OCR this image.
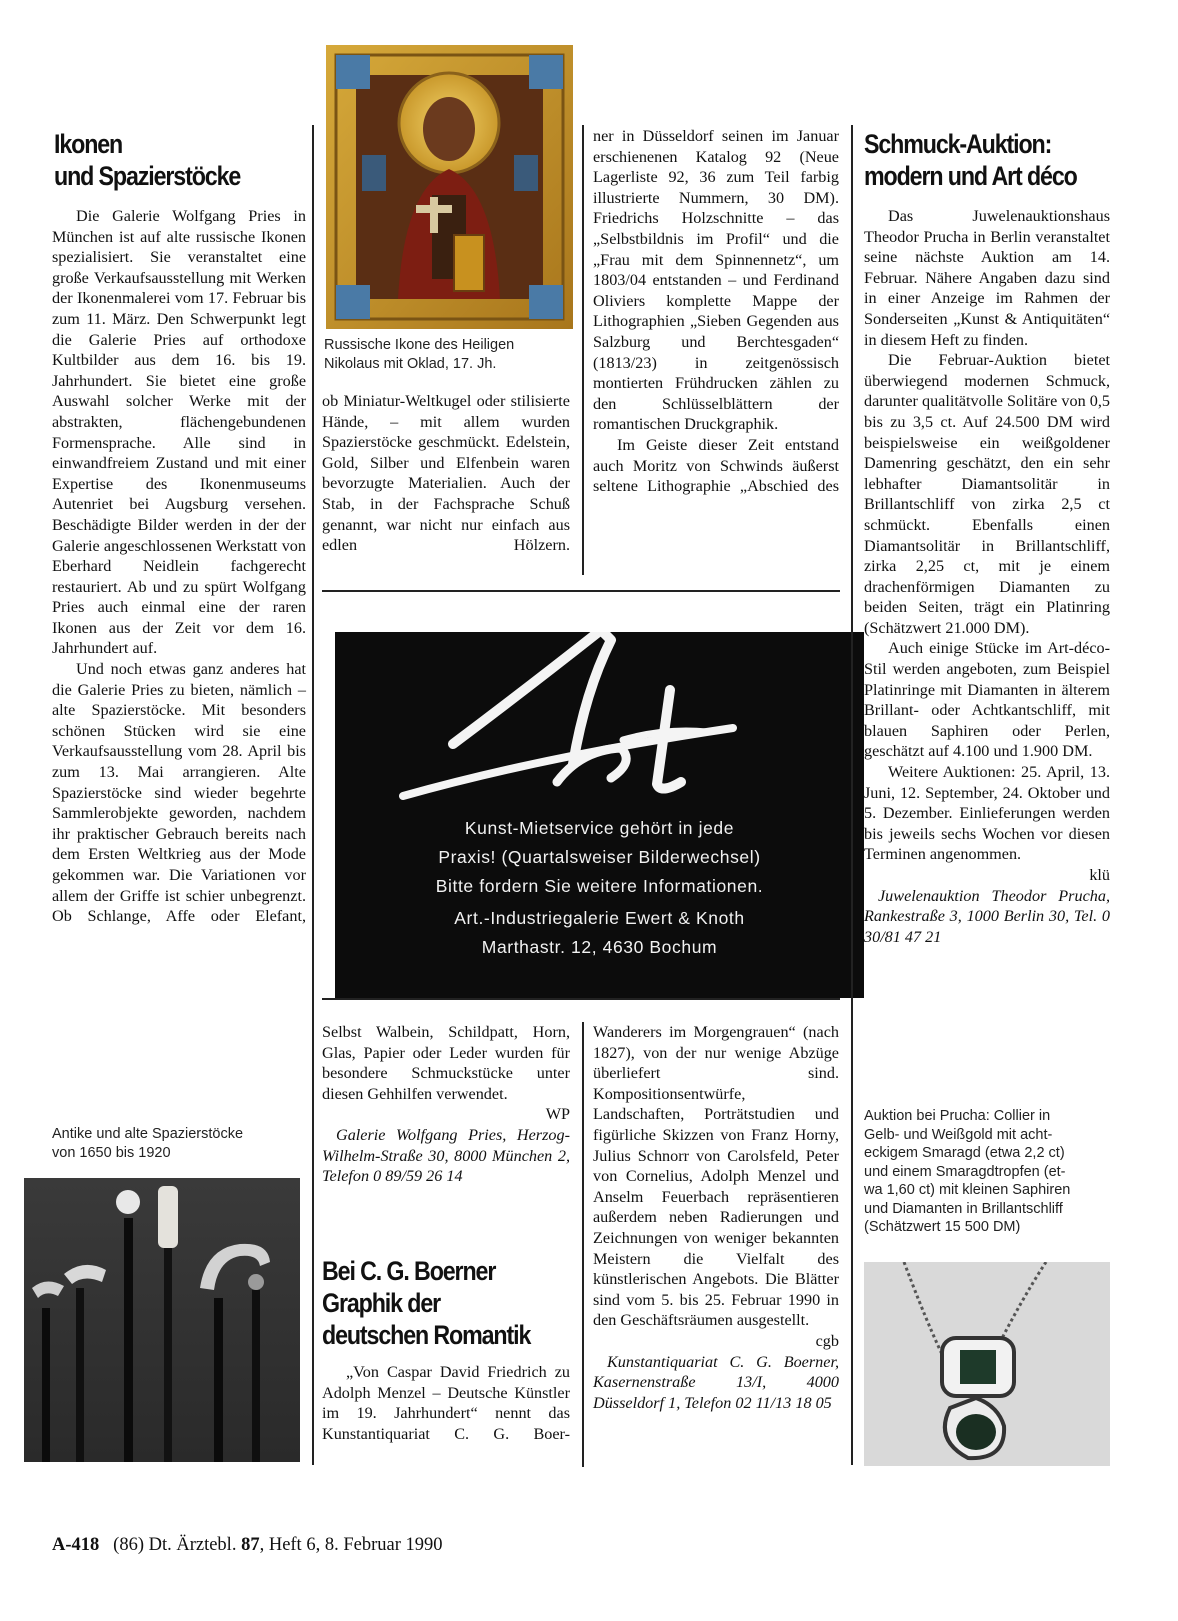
Ikonen
und Spazierstöcke

Die Galerie Wolfgang Pries in München ist auf alte russische Ikonen spezialisiert. Sie veranstaltet eine große Verkaufsausstellung mit Werken der Ikonenmalerei vom 17. Februar bis zum 11. März. Den Schwerpunkt legt die Galerie Pries auf orthodoxe Kultbilder aus dem 16. bis 19. Jahrhundert. Sie bietet eine große Auswahl solcher Werke mit der abstrakten, flächengebundenen Formensprache. Alle sind in einwandfreiem Zustand und mit einer Expertise des Ikonenmuseums Autenriet bei Augsburg versehen. Beschädigte Bilder werden in der der Galerie angeschlossenen Werkstatt von Eberhard Neidlein fachgerecht restauriert. Ab und zu spürt Wolfgang Pries auch einmal eine der raren Ikonen aus der Zeit vor dem 16. Jahrhundert auf.

Und noch etwas ganz anderes hat die Galerie Pries zu bieten, nämlich – alte Spazierstöcke. Mit besonders schönen Stücken wird sie eine Verkaufsausstellung vom 28. April bis zum 13. Mai arrangieren. Alte Spazierstöcke sind wieder begehrte Sammlerobjekte geworden, nachdem ihr praktischer Gebrauch bereits nach dem Ersten Weltkrieg aus der Mode gekommen war. Die Variationen vor allem der Griffe ist schier unbegrenzt. Ob Schlange, Affe oder Elefant,

Antike und alte Spazierstöcke
von 1650 bis 1920
Russische Ikone des Heiligen
Nikolaus mit Oklad, 17. Jh.

ob Miniatur-Weltkugel oder stilisierte Hände, – mit allem wurden Spazierstöcke geschmückt. Edelstein, Gold, Silber und Elfenbein waren bevorzugte Materialien. Auch der Stab, in der Fachsprache Schuß genannt, war nicht nur einfach aus edlen Hölzern.

ner in Düsseldorf seinen im Januar erschienenen Katalog 92 (Neue Lagerliste 92, 36 zum Teil farbig illustrierte Nummern, 30 DM). Friedrichs Holzschnitte – das „Selbstbildnis im Profil“ und die „Frau mit dem Spinnennetz“, um 1803/04 entstanden – und Ferdinand Oliviers komplette Mappe der Lithographien „Sieben Gegenden aus Salzburg und Berchtesgaden“ (1813/23) in zeitgenössisch montierten Frühdrucken zählen zu den Schlüsselblättern der romantischen Druckgraphik.

Im Geiste dieser Zeit entstand auch Moritz von Schwinds äußerst seltene Lithographie „Abschied des

Kunst-Mietservice gehört in jede
Praxis! (Quartalsweiser Bilderwechsel)
Bitte fordern Sie weitere Informationen.
Art.-Industriegalerie Ewert & Knoth
Marthastr. 12, 4630 Bochum

Selbst Walbein, Schildpatt, Horn, Glas, Papier oder Leder wurden für besondere Schmuckstücke unter diesen Gehhilfen verwendet.

WP

Galerie Wolfgang Pries, Herzog-Wilhelm-Straße 30, 8000 München 2, Telefon 0 89/59 26 14

Bei C. G. Boerner
Graphik der
deutschen Romantik

„Von Caspar David Friedrich zu Adolph Menzel – Deutsche Künstler im 19. Jahrhundert“ nennt das Kunstantiquariat C. G. Boer-

Wanderers im Morgengrauen“ (nach 1827), von der nur wenige Abzüge überliefert sind. Kompositionsentwürfe, Landschaften, Porträtstudien und figürliche Skizzen von Franz Horny, Julius Schnorr von Carolsfeld, Peter von Cornelius, Adolph Menzel und Anselm Feuerbach repräsentieren außerdem neben Radierungen und Zeichnungen von weniger bekannten Meistern die Vielfalt des künstlerischen Angebots. Die Blätter sind vom 5. bis 25. Februar 1990 in den Geschäftsräumen ausgestellt.

cgb

Kunstantiquariat C. G. Boerner, Kasernenstraße 13/I, 4000 Düsseldorf 1, Telefon 02 11/13 18 05

Schmuck-Auktion:
modern und Art déco

Das Juwelenauktionshaus Theodor Prucha in Berlin veranstaltet seine nächste Auktion am 14. Februar. Nähere Angaben dazu sind in einer Anzeige im Rahmen der Sonderseiten „Kunst & Antiquitäten“ in diesem Heft zu finden.

Die Februar-Auktion bietet überwiegend modernen Schmuck, darunter qualitätvolle Solitäre von 0,5 bis zu 3,5 ct. Auf 24.500 DM wird beispielsweise ein weißgoldener Damenring geschätzt, den ein sehr lebhafter Diamantsolitär in Brillantschliff von zirka 2,5 ct schmückt. Ebenfalls einen Diamantsolitär in Brillantschliff, zirka 2,25 ct, mit je einem drachenförmigen Diamanten zu beiden Seiten, trägt ein Platinring (Schätzwert 21.000 DM).

Auch einige Stücke im Art-déco-Stil werden angeboten, zum Beispiel Platinringe mit Diamanten in älterem Brillant- oder Achtkantschliff, mit blauen Saphiren oder Perlen, geschätzt auf 4.100 und 1.900 DM.

Weitere Auktionen: 25. April, 13. Juni, 12. September, 24. Oktober und 5. Dezember. Einlieferungen werden bis jeweils sechs Wochen vor diesen Terminen angenommen.

klü

Juwelenauktion Theodor Prucha, Rankestraße 3, 1000 Berlin 30, Tel. 0 30/81 47 21

Auktion bei Prucha: Collier in
Gelb- und Weißgold mit acht-
eckigem Smaragd (etwa 2,2 ct)
und einem Smaragdtropfen (et-
wa 1,60 ct) mit kleinen Saphiren
und Diamanten in Brillantschliff
(Schätzwert 15 500 DM)
A-418 (86) Dt. Ärztebl. 87, Heft 6, 8. Februar 1990
